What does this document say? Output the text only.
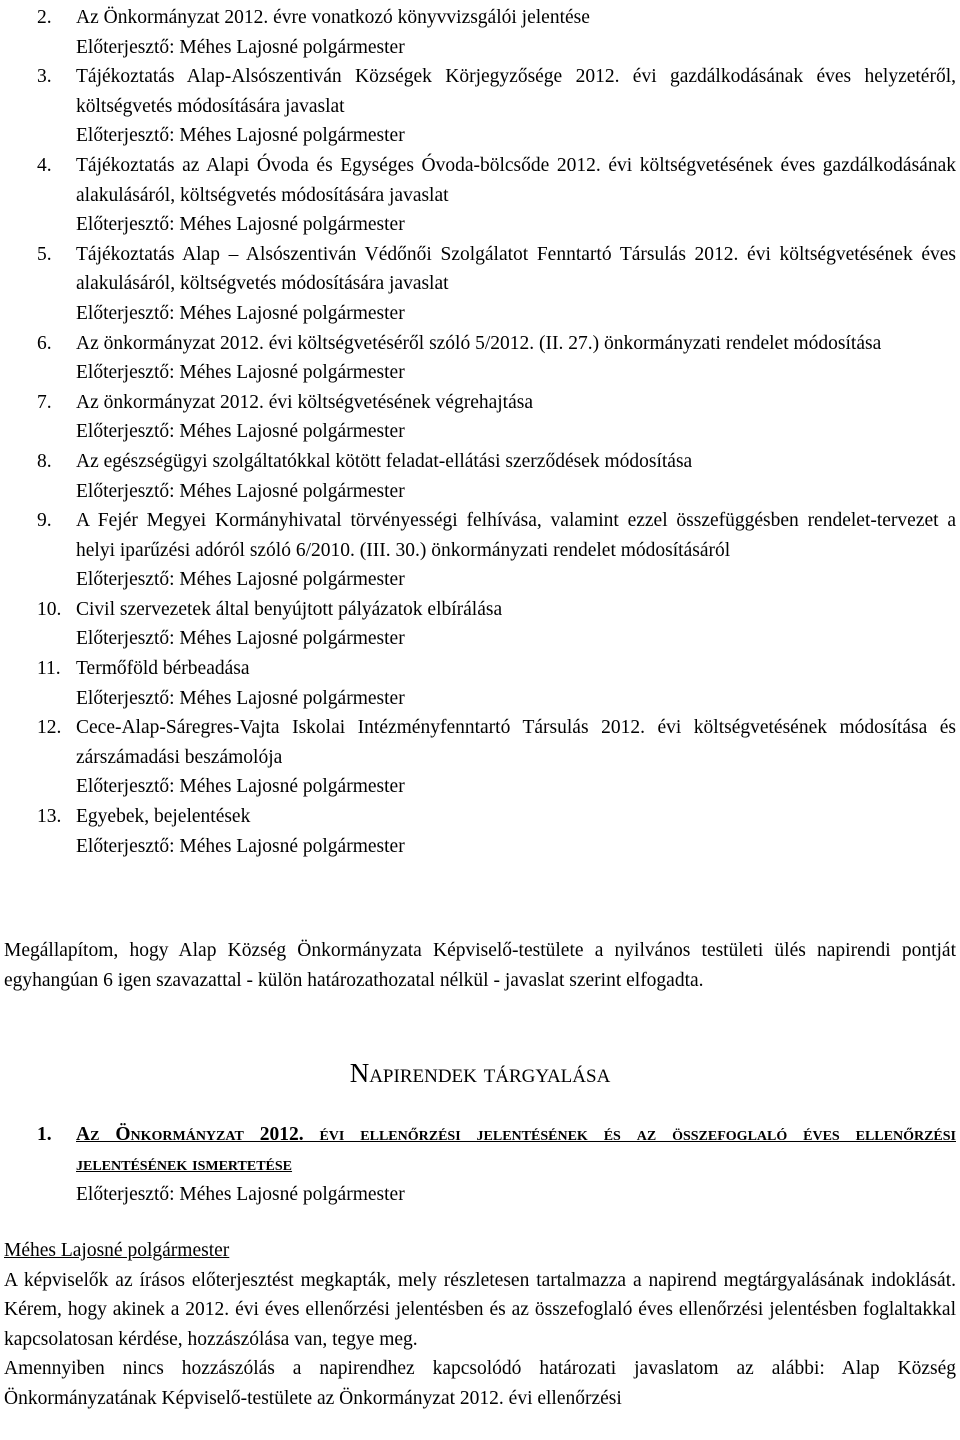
2. Az Önkormányzat 2012. évre vonatkozó könyvvizsgálói jelentése
Előterjesztő: Méhes Lajosné polgármester
3. Tájékoztatás Alap-Alsószentiván Községek Körjegyzősége 2012. évi gazdálkodásának éves helyzetéről, költségvetés módosítására javaslat
Előterjesztő: Méhes Lajosné polgármester
4. Tájékoztatás az Alapi Óvoda és Egységes Óvoda-bölcsőde 2012. évi költségvetésének éves gazdálkodásának alakulásáról, költségvetés módosítására javaslat
Előterjesztő: Méhes Lajosné polgármester
5. Tájékoztatás Alap – Alsószentiván Védőnői Szolgálatot Fenntartó Társulás 2012. évi költségvetésének éves alakulásáról, költségvetés módosítására javaslat
Előterjesztő: Méhes Lajosné polgármester
6. Az önkormányzat 2012. évi költségvetéséről szóló 5/2012. (II. 27.) önkormányzati rendelet módosítása
Előterjesztő: Méhes Lajosné polgármester
7. Az önkormányzat 2012. évi költségvetésének végrehajtása
Előterjesztő: Méhes Lajosné polgármester
8. Az egészségügyi szolgáltatókkal kötött feladat-ellátási szerződések módosítása
Előterjesztő: Méhes Lajosné polgármester
9. A Fejér Megyei Kormányhivatal törvényességi felhívása, valamint ezzel összefüggésben rendelet-tervezet a helyi iparűzési adóról szóló 6/2010. (III. 30.) önkormányzati rendelet módosításáról
Előterjesztő: Méhes Lajosné polgármester
10. Civil szervezetek által benyújtott pályázatok elbírálása
Előterjesztő: Méhes Lajosné polgármester
11. Termőföld bérbeadása
Előterjesztő: Méhes Lajosné polgármester
12. Cece-Alap-Sáregres-Vajta Iskolai Intézményfenntartó Társulás 2012. évi költségvetésének módosítása és zárszámadási beszámolója
Előterjesztő: Méhes Lajosné polgármester
13. Egyebek, bejelentések
Előterjesztő: Méhes Lajosné polgármester

Megállapítom, hogy Alap Község Önkormányzata Képviselő-testülete a nyilvános testületi ülés napirendi pontját egyhangúan 6 igen szavazattal - külön határozathozatal nélkül - javaslat szerint elfogadta.

Napirendek tárgyalása
1. Az Önkormányzat 2012. évi ellenőrzési jelentésének és az összefoglaló éves ellenőrzési jelentésének ismertetése
Előterjesztő: Méhes Lajosné polgármester
Méhes Lajosné polgármester

A képviselők az írásos előterjesztést megkapták, mely részletesen tartalmazza a napirend megtárgyalásának indoklását. Kérem, hogy akinek a 2012. évi éves ellenőrzési jelentésben és az összefoglaló éves ellenőrzési jelentésben foglaltakkal kapcsolatosan kérdése, hozzászólása van, tegye meg.

Amennyiben nincs hozzászólás a napirendhez kapcsolódó határozati javaslatom az alábbi: Alap Község Önkormányzatának Képviselő-testülete az Önkormányzat 2012. évi ellenőrzési
